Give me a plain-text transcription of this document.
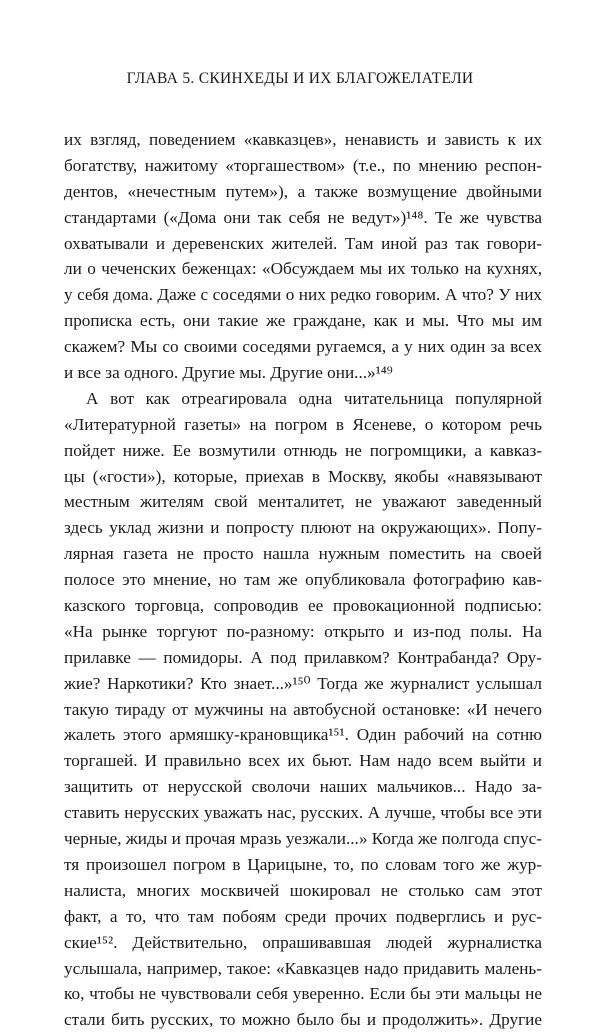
ГЛАВА 5. СКИНХЕДЫ И ИХ БЛАГОЖЕЛАТЕЛИ
их взгляд, поведением «кавказцев», ненависть и зависть к их
богатству, нажитому «торгашеством» (т.е., по мнению респон-
дентов, «нечестным путем»), а также возмущение двойными
стандартами («Дома они так себя не ведут»)¹⁴⁸. Те же чувства
охватывали и деревенских жителей. Там иной раз так говори-
ли о чеченских беженцах: «Обсуждаем мы их только на кухнях,
у себя дома. Даже с соседями о них редко говорим. А что? У них
прописка есть, они такие же граждане, как и мы. Что мы им
скажем? Мы со своими соседями ругаемся, а у них один за всех
и все за одного. Другие мы. Другие они...»¹⁴⁹
А вот как отреагировала одна читательница популярной
«Литературной газеты» на погром в Ясеневе, о котором речь
пойдет ниже. Ее возмутили отнюдь не погромщики, а кавказ-
цы («гости»), которые, приехав в Москву, якобы «навязывают
местным жителям свой менталитет, не уважают заведенный
здесь уклад жизни и попросту плюют на окружающих». Попу-
лярная газета не просто нашла нужным поместить на своей
полосе это мнение, но там же опубликовала фотографию кав-
казского торговца, сопроводив ее провокационной подписью:
«На рынке торгуют по-разному: открыто и из-под полы. На
прилавке — помидоры. А под прилавком? Контрабанда? Ору-
жие? Наркотики? Кто знает...»¹⁵⁰ Тогда же журналист услышал
такую тираду от мужчины на автобусной остановке: «И нечего
жалеть этого армяшку-крановщика¹⁵¹. Один рабочий на сотню
торгашей. И правильно всех их бьют. Нам надо всем выйти и
защитить от нерусской сволочи наших мальчиков... Надо за-
ставить нерусских уважать нас, русских. А лучше, чтобы все эти
черные, жиды и прочая мразь уезжали...» Когда же полгода спус-
тя произошел погром в Царицыне, то, по словам того же жур-
налиста, многих москвичей шокировал не столько сам этот
факт, а то, что там побоям среди прочих подверглись и рус-
ские¹⁵². Действительно, опрашивавшая людей журналистка
услышала, например, такое: «Кавказцев надо придавить малень-
ко, чтобы не чувствовали себя уверенно. Если бы эти мальцы не
стали бить русских, то можно было бы и продолжить». Другие
